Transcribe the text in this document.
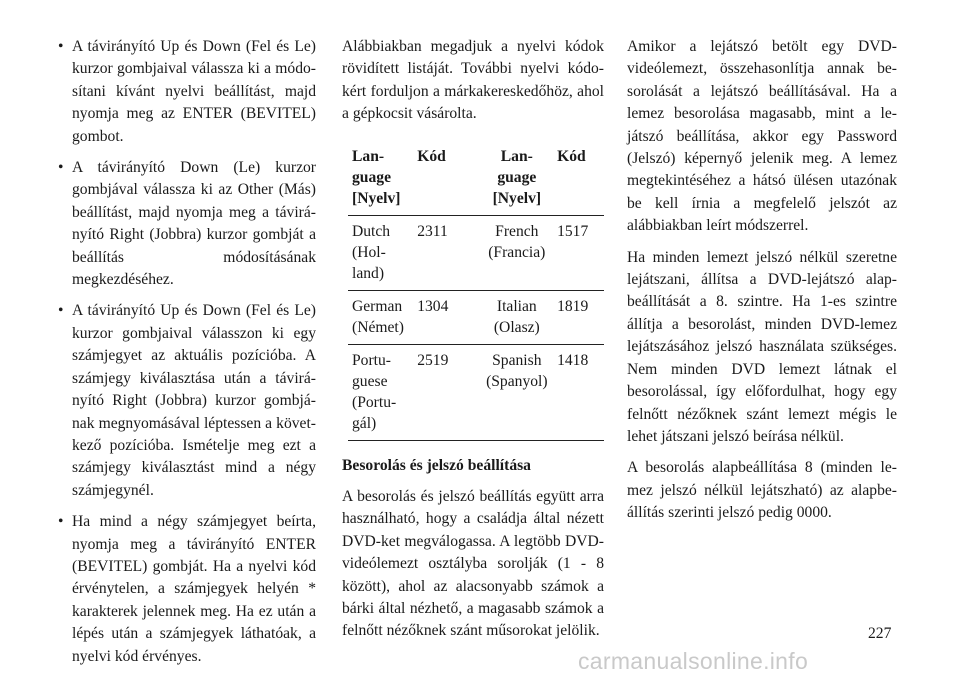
• A távirányító Up és Down (Fel és Le) kurzor gombjaival válassza ki a módosítani kívánt nyelvi beállítást, majd nyomja meg az ENTER (BEVITEL) gombot.
• A távirányító Down (Le) kurzor gombjával válassza ki az Other (Más) beállítást, majd nyomja meg a távirányító Right (Jobbra) kurzor gombját a beállítás módosításának megkezdéséhez.
• A távirányító Up és Down (Fel és Le) kurzor gombjaival válasszon ki egy számjegyet az aktuális pozícióba. A számjegy kiválasztása után a távirányító Right (Jobbra) kurzor gombjának megnyomásával léptessen a következő pozícióba. Ismételje meg ezt a számjegy kiválasztást mind a négy számjegynél.
• Ha mind a négy számjegyet beírta, nyomja meg a távirányító ENTER (BEVITEL) gombját. Ha a nyelvi kód érvénytelen, a számjegyek helyén * karakterek jelennek meg. Ha ez után a lépés után a számjegyek láthatóak, a nyelvi kód érvényes.

Alábbiakban megadjuk a nyelvi kódok rövidített listáját. További nyelvi kódokért forduljon a márkakereskedőhöz, ahol a gépkocsit vásárolta.

Language [Nyelv]	Kód	Language [Nyelv]	Kód
Dutch (Holland)	2311	French (Francia)	1517
German (Német)	1304	Italian (Olasz)	1819
Portuguese (Portugál)	2519	Spanish (Spanyol)	1418
Besorolás és jelszó beállítása

A besorolás és jelszó beállítás együtt arra használható, hogy a családja által nézett DVD-ket megválogassa. A legtöbb DVD-videólemezt osztályba sorolják (1 - 8 között), ahol az alacsonyabb számok a bárki által nézhető, a magasabb számok a felnőtt nézőknek szánt műsorokat jelölik.

Amikor a lejátszó betölt egy DVD-videólemezt, összehasonlítja annak besorolását a lejátszó beállításával. Ha a lemez besorolása magasabb, mint a lejátszó beállítása, akkor egy Password (Jelszó) képernyő jelenik meg. A lemez megtekintéséhez a hátsó ülésen utazónak be kell írnia a megfelelő jelszót az alábbiakban leírt módszerrel.

Ha minden lemezt jelszó nélkül szeretne lejátszani, állítsa a DVD-lejátszó alapbeállítását a 8. szintre. Ha 1-es szintre állítja a besorolást, minden DVD-lemez lejátszásához jelszó használata szükséges. Nem minden DVD lemezt látnak el besorolással, így előfordulhat, hogy egy felnőtt nézőknek szánt lemezt mégis le lehet játszani jelszó beírása nélkül.

A besorolás alapbeállítása 8 (minden lemez jelszó nélkül lejátszható) az alapbeállítás szerinti jelszó pedig 0000.

227
carmanualsonline.info
